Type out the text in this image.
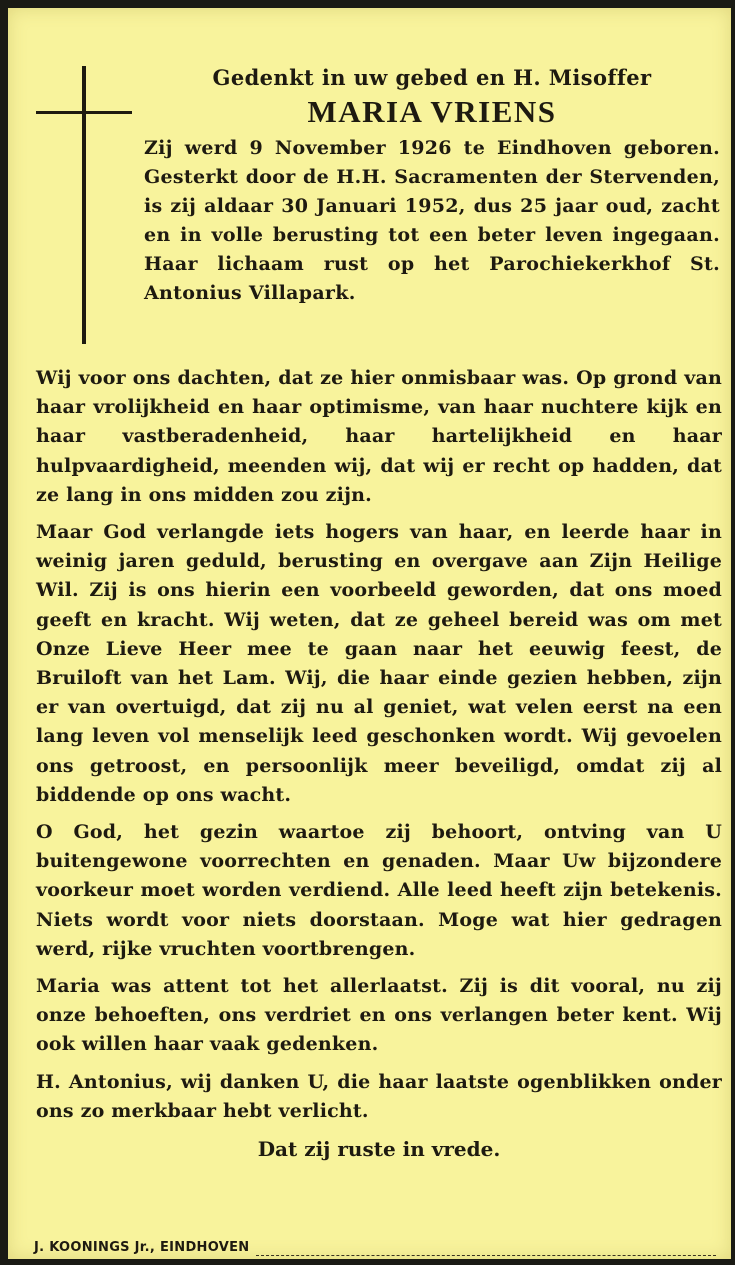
Gedenkt in uw gebed en H. Misoffer
MARIA VRIENS
Zij werd 9 November 1926 te Eindhoven geboren. Gesterkt door de H.H. Sacramenten der Stervenden, is zij aldaar 30 Januari 1952, dus 25 jaar oud, zacht en in volle berusting tot een beter leven ingegaan. Haar lichaam rust op het Parochiekerkhof St. Antonius Villapark.

Wij voor ons dachten, dat ze hier onmisbaar was. Op grond van haar vrolijkheid en haar optimisme, van haar nuchtere kijk en haar vastberadenheid, haar hartelijkheid en haar hulpvaardigheid, meenden wij, dat wij er recht op hadden, dat ze lang in ons midden zou zijn.

Maar God verlangde iets hogers van haar, en leerde haar in weinig jaren geduld, berusting en overgave aan Zijn Heilige Wil. Zij is ons hierin een voorbeeld geworden, dat ons moed geeft en kracht. Wij weten, dat ze geheel bereid was om met Onze Lieve Heer mee te gaan naar het eeuwig feest, de Bruiloft van het Lam. Wij, die haar einde gezien hebben, zijn er van overtuigd, dat zij nu al geniet, wat velen eerst na een lang leven vol menselijk leed geschonken wordt. Wij gevoelen ons getroost, en persoonlijk meer beveiligd, omdat zij al biddende op ons wacht.

O God, het gezin waartoe zij behoort, ontving van U buitengewone voorrechten en genaden. Maar Uw bijzondere voorkeur moet worden verdiend. Alle leed heeft zijn betekenis. Niets wordt voor niets doorstaan. Moge wat hier gedragen werd, rijke vruchten voortbrengen.

Maria was attent tot het allerlaatst. Zij is dit vooral, nu zij onze behoeften, ons verdriet en ons verlangen beter kent. Wij ook willen haar vaak gedenken.

H. Antonius, wij danken U, die haar laatste ogenblikken onder ons zo merkbaar hebt verlicht.

Dat zij ruste in vrede.
J. KOONINGS Jr., EINDHOVEN
